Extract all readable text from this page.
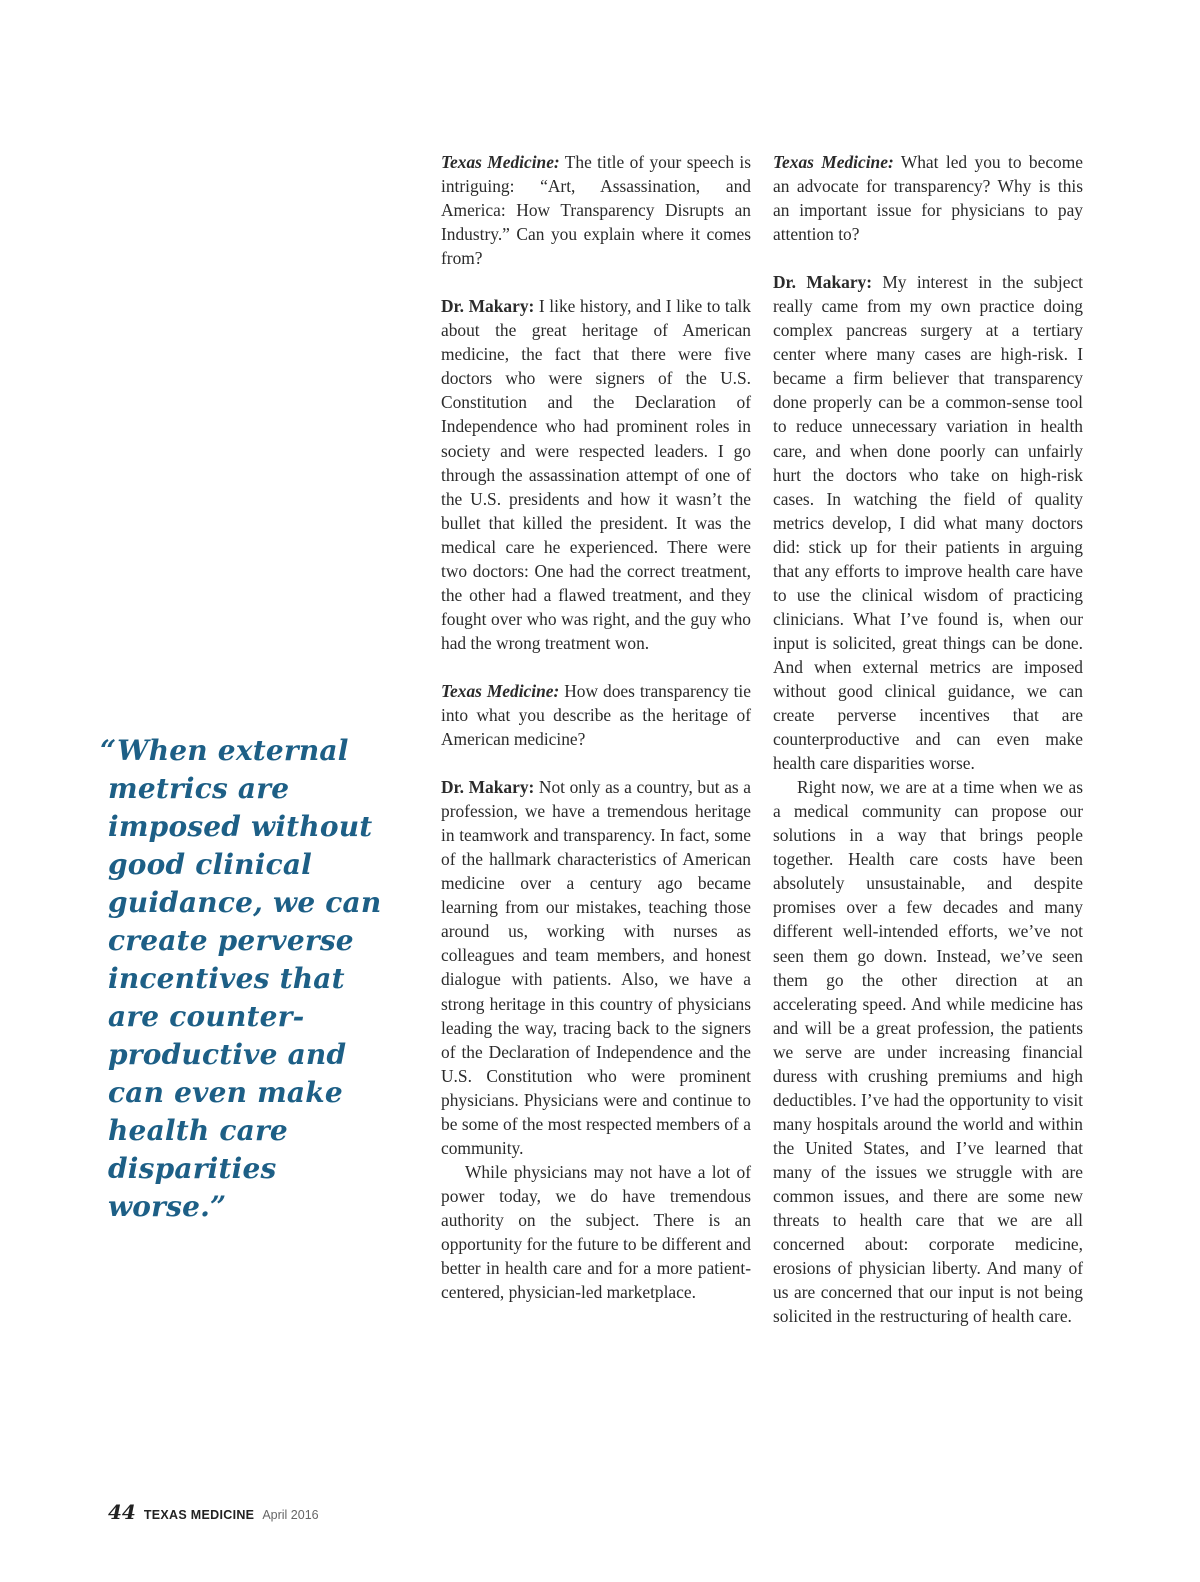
“When external metrics are imposed without good clinical guidance, we can create perverse incentives that are counter-productive and can even make health care disparities worse.”

Texas Medicine: The title of your speech is intriguing: “Art, Assassination, and America: How Transparency Disrupts an Industry.” Can you explain where it comes from?

Dr. Makary: I like history, and I like to talk about the great heritage of American medicine, the fact that there were five doctors who were signers of the U.S. Constitution and the Declaration of Independence who had prominent roles in society and were respected leaders. I go through the assassination attempt of one of the U.S. presidents and how it wasn’t the bullet that killed the president. It was the medical care he experienced. There were two doctors: One had the correct treatment, the other had a flawed treatment, and they fought over who was right, and the guy who had the wrong treatment won.

Texas Medicine: How does transparency tie into what you describe as the heritage of American medicine?

Dr. Makary: Not only as a country, but as a profession, we have a tremendous heritage in teamwork and transparency. In fact, some of the hallmark characteristics of American medicine over a century ago became learning from our mistakes, teaching those around us, working with nurses as colleagues and team members, and honest dialogue with patients. Also, we have a strong heritage in this country of physicians leading the way, tracing back to the signers of the Declaration of Independence and the U.S. Constitution who were prominent physicians. Physicians were and continue to be some of the most respected members of a community.

While physicians may not have a lot of power today, we do have tremendous authority on the subject. There is an opportunity for the future to be different and better in health care and for a more patient-centered, physician-led marketplace.

Texas Medicine: What led you to become an advocate for transparency? Why is this an important issue for physicians to pay attention to?

Dr. Makary: My interest in the subject really came from my own practice doing complex pancreas surgery at a tertiary center where many cases are high-risk. I became a firm believer that transparency done properly can be a common-sense tool to reduce unnecessary variation in health care, and when done poorly can unfairly hurt the doctors who take on high-risk cases. In watching the field of quality metrics develop, I did what many doctors did: stick up for their patients in arguing that any efforts to improve health care have to use the clinical wisdom of practicing clinicians. What I’ve found is, when our input is solicited, great things can be done. And when external metrics are imposed without good clinical guidance, we can create perverse incentives that are counterproductive and can even make health care disparities worse.

Right now, we are at a time when we as a medical community can propose our solutions in a way that brings people together. Health care costs have been absolutely unsustainable, and despite promises over a few decades and many different well-intended efforts, we’ve not seen them go down. Instead, we’ve seen them go the other direction at an accelerating speed. And while medicine has and will be a great profession, the patients we serve are under increasing financial duress with crushing premiums and high deductibles. I’ve had the opportunity to visit many hospitals around the world and within the United States, and I’ve learned that many of the issues we struggle with are common issues, and there are some new threats to health care that we are all concerned about: corporate medicine, erosions of physician liberty. And many of us are concerned that our input is not being solicited in the restructuring of health care.

44 TEXAS MEDICINE April 2016
